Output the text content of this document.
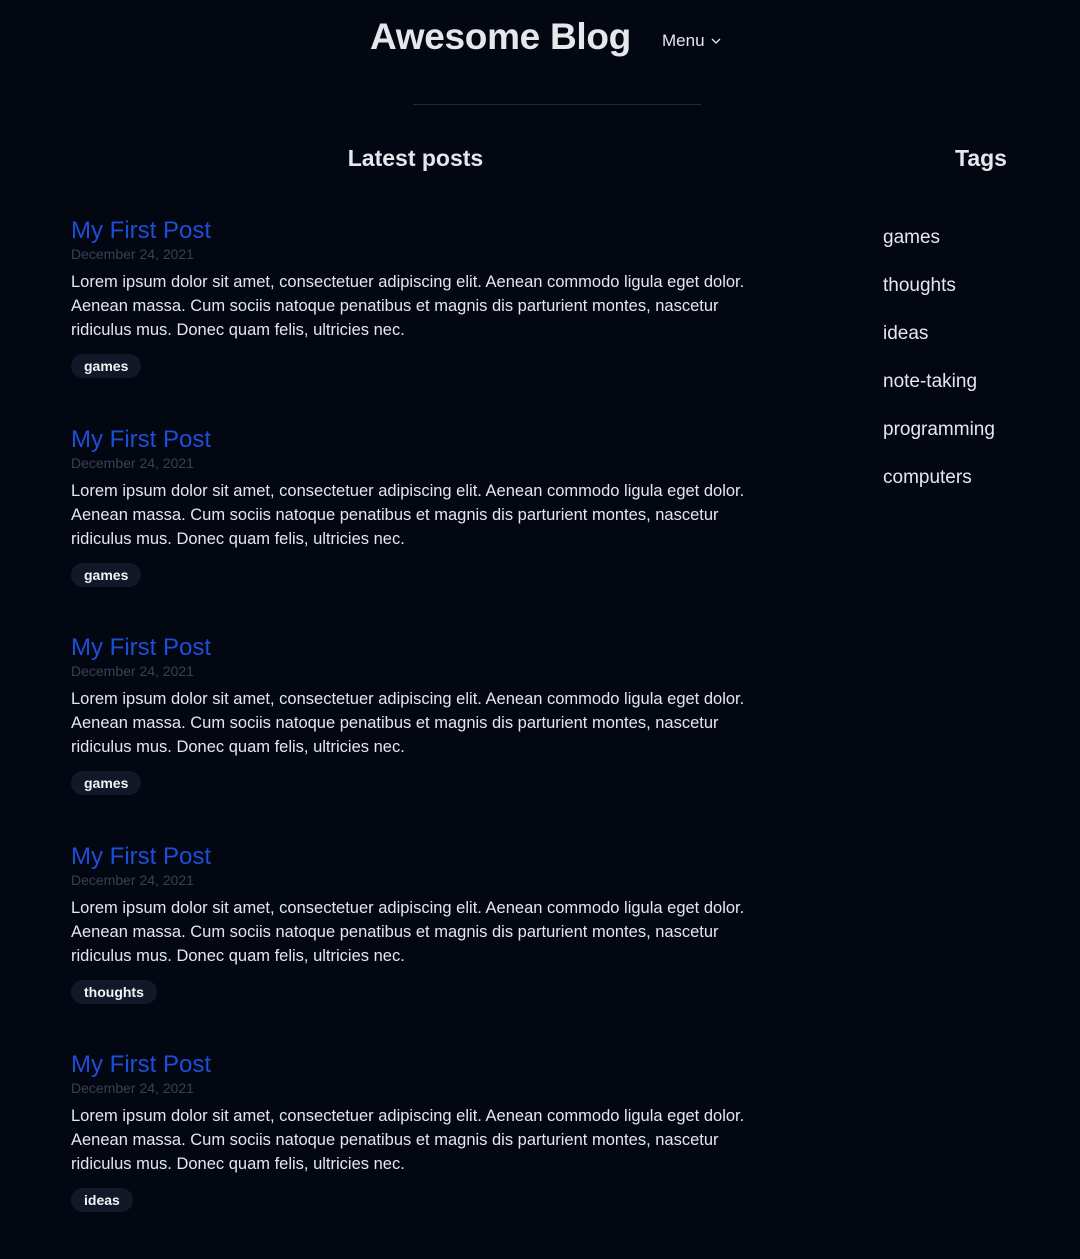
Awesome Blog Menu
Latest posts	Tags
My First Post
December 24, 2021
Lorem ipsum dolor sit amet, consectetuer adipiscing elit. Aenean commodo ligula eget dolor. Aenean massa. Cum sociis natoque penatibus et magnis dis parturient montes, nascetur ridiculus mus. Donec quam felis, ultricies nec.
games
My First Post
December 24, 2021
Lorem ipsum dolor sit amet, consectetuer adipiscing elit. Aenean commodo ligula eget dolor. Aenean massa. Cum sociis natoque penatibus et magnis dis parturient montes, nascetur ridiculus mus. Donec quam felis, ultricies nec.
games
My First Post
December 24, 2021
Lorem ipsum dolor sit amet, consectetuer adipiscing elit. Aenean commodo ligula eget dolor. Aenean massa. Cum sociis natoque penatibus et magnis dis parturient montes, nascetur ridiculus mus. Donec quam felis, ultricies nec.
games
My First Post
December 24, 2021
Lorem ipsum dolor sit amet, consectetuer adipiscing elit. Aenean commodo ligula eget dolor. Aenean massa. Cum sociis natoque penatibus et magnis dis parturient montes, nascetur ridiculus mus. Donec quam felis, ultricies nec.
thoughts
My First Post
December 24, 2021
Lorem ipsum dolor sit amet, consectetuer adipiscing elit. Aenean commodo ligula eget dolor. Aenean massa. Cum sociis natoque penatibus et magnis dis parturient montes, nascetur ridiculus mus. Donec quam felis, ultricies nec.
ideas
games
thoughts
ideas
note-taking
programming
computers
